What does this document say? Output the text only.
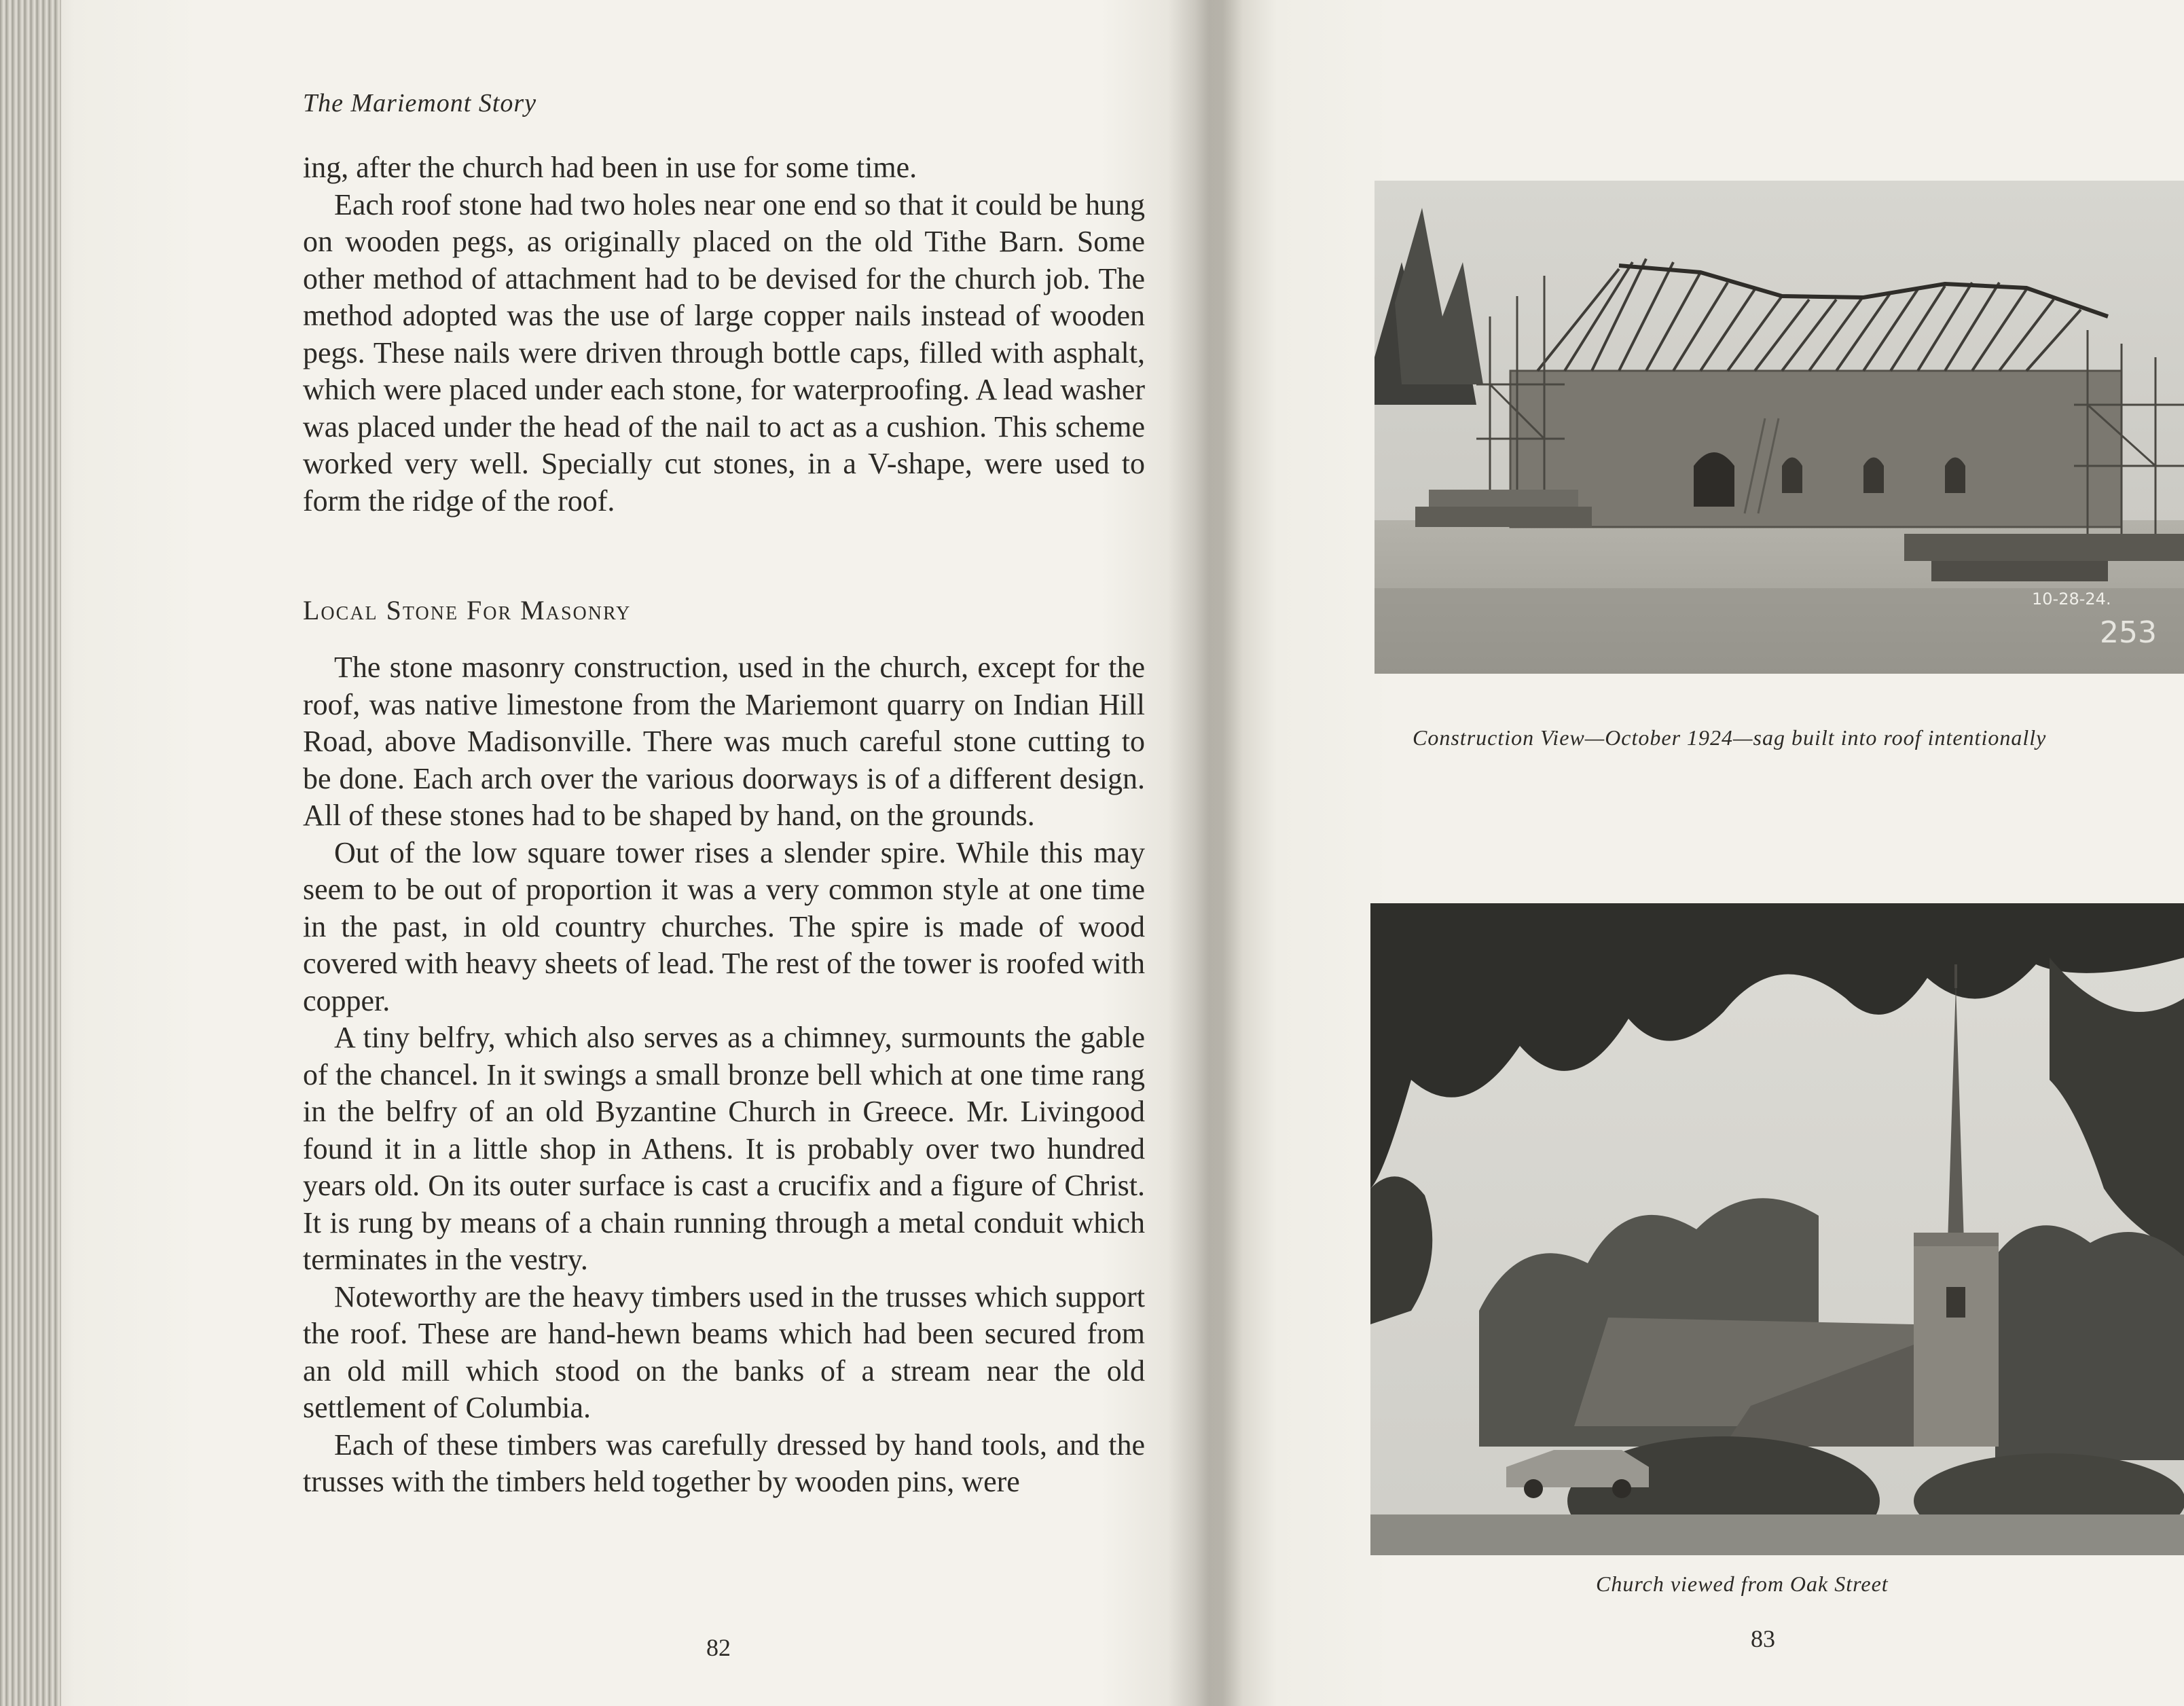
The Mariemont Story

ing, after the church had been in use for some time.

Each roof stone had two holes near one end so that it could be hung on wooden pegs, as originally placed on the old Tithe Barn. Some other method of attachment had to be devised for the church job. The method adopted was the use of large copper nails instead of wooden pegs. These nails were driven through bottle caps, filled with asphalt, which were placed under each stone, for waterproofing. A lead washer was placed under the head of the nail to act as a cushion. This scheme worked very well. Specially cut stones, in a V-shape, were used to form the ridge of the roof.

Local Stone For Masonry

The stone masonry construction, used in the church, except for the roof, was native limestone from the Mariemont quarry on Indian Hill Road, above Madisonville. There was much careful stone cutting to be done. Each arch over the various doorways is of a different design. All of these stones had to be shaped by hand, on the grounds.

Out of the low square tower rises a slender spire. While this may seem to be out of proportion it was a very common style at one time in the past, in old country churches. The spire is made of wood covered with heavy sheets of lead. The rest of the tower is roofed with copper.

A tiny belfry, which also serves as a chimney, surmounts the gable of the chancel. In it swings a small bronze bell which at one time rang in the belfry of an old Byzantine Church in Greece. Mr. Livingood found it in a little shop in Athens. It is probably over two hundred years old. On its outer surface is cast a crucifix and a figure of Christ. It is rung by means of a chain running through a metal conduit which terminates in the vestry.

Noteworthy are the heavy timbers used in the trusses which support the roof. These are hand-hewn beams which had been secured from an old mill which stood on the banks of a stream near the old settlement of Columbia.

Each of these timbers was carefully dressed by hand tools, and the trusses with the timbers held together by wooden pins, were

82
10-28-24.
253
Construction View—October 1924—sag built into roof intentionally
Church viewed from Oak Street
83
